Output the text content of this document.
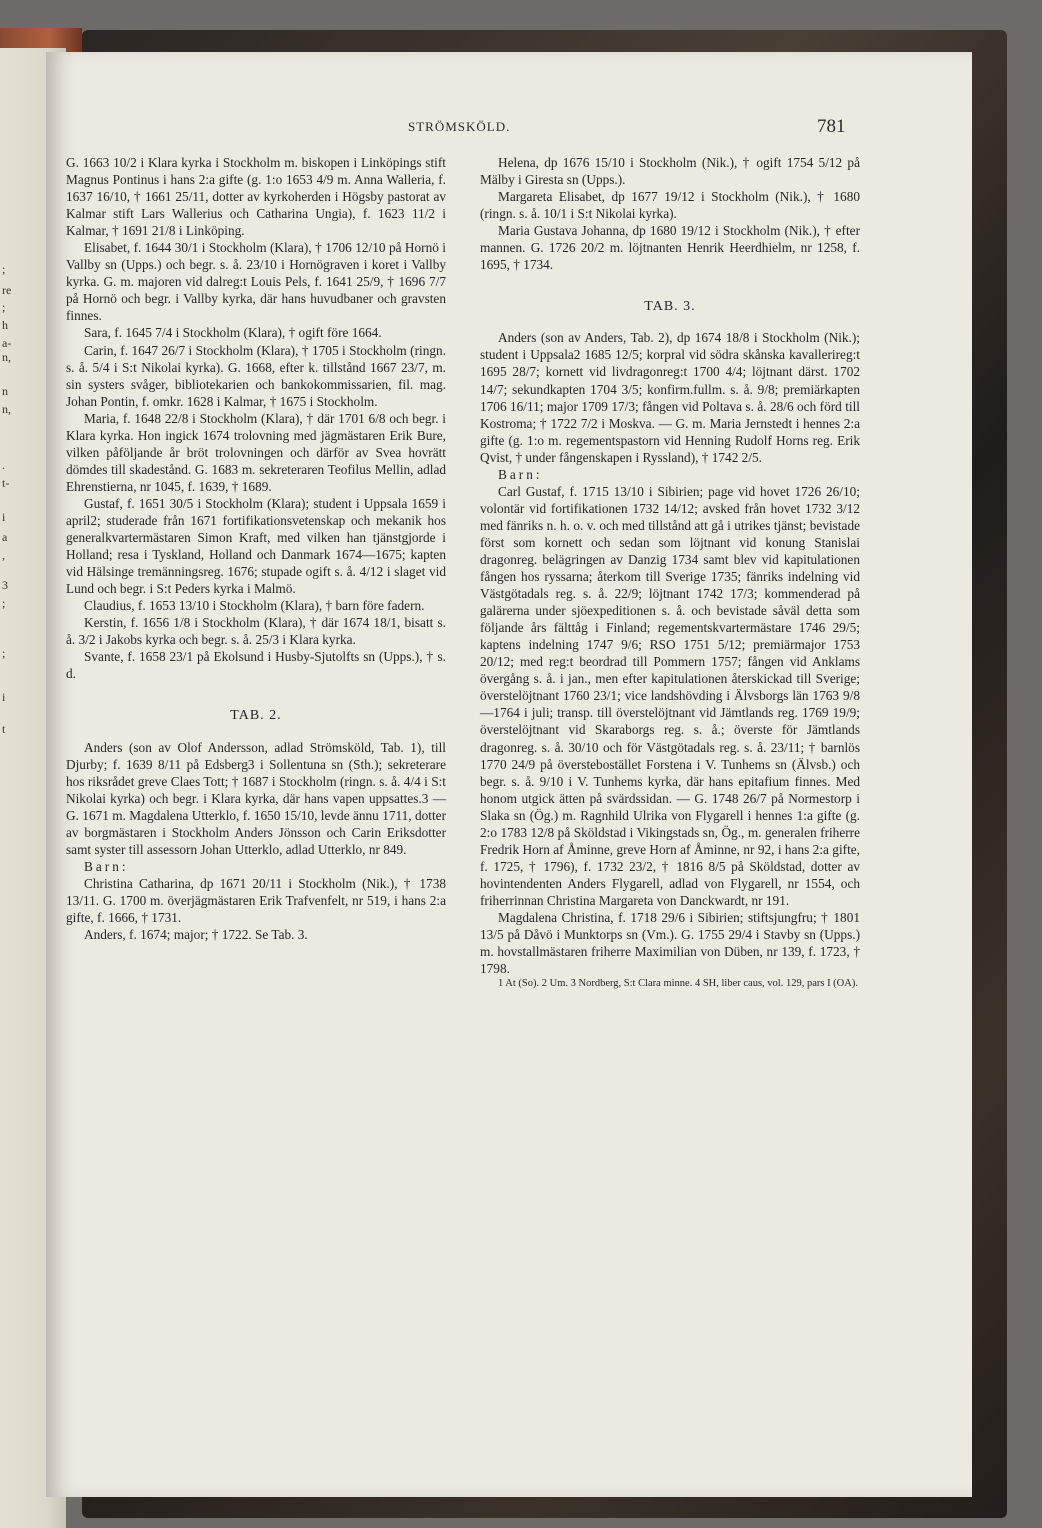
;
re
;
h
a-
n,
n
n,
.
t-
i
a
,
3
;
;
i
t
STRÖMSKÖLD.	781

G. 1663 10/2 i Klara kyrka i Stockholm m. biskopen i Linköpings stift Magnus Pontinus i hans 2:a gifte (g. 1:o 1653 4/9 m. Anna Walleria, f. 1637 16/10, † 1661 25/11, dotter av kyrkoherden i Högsby pastorat av Kalmar stift Lars Wallerius och Catharina Ungia), f. 1623 11/2 i Kalmar, † 1691 21/8 i Linköping.

Elisabet, f. 1644 30/1 i Stockholm (Klara), † 1706 12/10 på Hornö i Vallby sn (Upps.) och begr. s. å. 23/10 i Hornögraven i koret i Vallby kyrka. G. m. majoren vid dalreg:t Louis Pels, f. 1641 25/9, † 1696 7/7 på Hornö och begr. i Vallby kyrka, där hans huvudbaner och gravsten finnes.

Sara, f. 1645 7/4 i Stockholm (Klara), † ogift före 1664.

Carin, f. 1647 26/7 i Stockholm (Klara), † 1705 i Stockholm (ringn. s. å. 5/4 i S:t Nikolai kyrka). G. 1668, efter k. tillstånd 1667 23/7, m. sin systers svåger, bibliotekarien och bankokommissarien, fil. mag. Johan Pontin, f. omkr. 1628 i Kalmar, † 1675 i Stockholm.

Maria, f. 1648 22/8 i Stockholm (Klara), † där 1701 6/8 och begr. i Klara kyrka. Hon ingick 1674 trolovning med jägmästaren Erik Bure, vilken påföljande år bröt trolovningen och därför av Svea hovrätt dömdes till skadestånd. G. 1683 m. sekreteraren Teofilus Mellin, adlad Ehrenstierna, nr 1045, f. 1639, † 1689.

Gustaf, f. 1651 30/5 i Stockholm (Klara); student i Uppsala 1659 i april2; studerade från 1671 fortifikationsvetenskap och mekanik hos generalkvartermästaren Simon Kraft, med vilken han tjänstgjorde i Holland; resa i Tyskland, Holland och Danmark 1674—1675; kapten vid Hälsinge tremänningsreg. 1676; stupade ogift s. å. 4/12 i slaget vid Lund och begr. i S:t Peders kyrka i Malmö.

Claudius, f. 1653 13/10 i Stockholm (Klara), † barn före fadern.

Kerstin, f. 1656 1/8 i Stockholm (Klara), † där 1674 18/1, bisatt s. å. 3/2 i Jakobs kyrka och begr. s. å. 25/3 i Klara kyrka.

Svante, f. 1658 23/1 på Ekolsund i Husby-Sjutolfts sn (Upps.), † s. d.

TAB. 2.

Anders (son av Olof Andersson, adlad Strömsköld, Tab. 1), till Djurby; f. 1639 8/11 på Edsberg3 i Sollentuna sn (Sth.); sekreterare hos riksrådet greve Claes Tott; † 1687 i Stockholm (ringn. s. å. 4/4 i S:t Nikolai kyrka) och begr. i Klara kyrka, där hans vapen uppsattes.3 — G. 1671 m. Magdalena Utterklo, f. 1650 15/10, levde ännu 1711, dotter av borgmästaren i Stockholm Anders Jönsson och Carin Eriksdotter samt syster till assessorn Johan Utterklo, adlad Utterklo, nr 849.

Barn:

Christina Catharina, dp 1671 20/11 i Stockholm (Nik.), † 1738 13/11. G. 1700 m. överjägmästaren Erik Trafvenfelt, nr 519, i hans 2:a gifte, f. 1666, † 1731.

Anders, f. 1674; major; † 1722. Se Tab. 3.

Helena, dp 1676 15/10 i Stockholm (Nik.), † ogift 1754 5/12 på Mälby i Giresta sn (Upps.).

Margareta Elisabet, dp 1677 19/12 i Stockholm (Nik.), † 1680 (ringn. s. å. 10/1 i S:t Nikolai kyrka).

Maria Gustava Johanna, dp 1680 19/12 i Stockholm (Nik.), † efter mannen. G. 1726 20/2 m. löjtnanten Henrik Heerdhielm, nr 1258, f. 1695, † 1734.

TAB. 3.

Anders (son av Anders, Tab. 2), dp 1674 18/8 i Stockholm (Nik.); student i Uppsala2 1685 12/5; korpral vid södra skånska kavallerireg:t 1695 28/7; kornett vid livdragonreg:t 1700 4/4; löjtnant därst. 1702 14/7; sekundkapten 1704 3/5; konfirm.fullm. s. å. 9/8; premiärkapten 1706 16/11; major 1709 17/3; fången vid Poltava s. å. 28/6 och förd till Kostroma; † 1722 7/2 i Moskva. — G. m. Maria Jernstedt i hennes 2:a gifte (g. 1:o m. regementspastorn vid Henning Rudolf Horns reg. Erik Qvist, † under fångenskapen i Ryssland), † 1742 2/5.

Barn:

Carl Gustaf, f. 1715 13/10 i Sibirien; page vid hovet 1726 26/10; volontär vid fortifikationen 1732 14/12; avsked från hovet 1732 3/12 med fänriks n. h. o. v. och med tillstånd att gå i utrikes tjänst; bevistade först som kornett och sedan som löjtnant vid konung Stanislai dragonreg. belägringen av Danzig 1734 samt blev vid kapitulationen fången hos ryssarna; återkom till Sverige 1735; fänriks indelning vid Västgötadals reg. s. å. 22/9; löjtnant 1742 17/3; kommenderad på galärerna under sjöexpeditionen s. å. och bevistade såväl detta som följande års fälttåg i Finland; regementskvartermästare 1746 29/5; kaptens indelning 1747 9/6; RSO 1751 5/12; premiärmajor 1753 20/12; med reg:t beordrad till Pommern 1757; fången vid Anklams övergång s. å. i jan., men efter kapitulationen återskickad till Sverige; överstelöjtnant 1760 23/1; vice landshövding i Älvsborgs län 1763 9/8—1764 i juli; transp. till överstelöjtnant vid Jämtlands reg. 1769 19/9; överstelöjtnant vid Skaraborgs reg. s. å.; överste för Jämtlands dragonreg. s. å. 30/10 och för Västgötadals reg. s. å. 23/11; † barnlös 1770 24/9 på överstebostället Forstena i V. Tunhems sn (Älvsb.) och begr. s. å. 9/10 i V. Tunhems kyrka, där hans epitafium finnes. Med honom utgick ätten på svärdssidan. — G. 1748 26/7 på Normestorp i Slaka sn (Ög.) m. Ragnhild Ulrika von Flygarell i hennes 1:a gifte (g. 2:o 1783 12/8 på Sköldstad i Vikingstads sn, Ög., m. generalen friherre Fredrik Horn af Åminne, greve Horn af Åminne, nr 92, i hans 2:a gifte, f. 1725, † 1796), f. 1732 23/2, † 1816 8/5 på Sköldstad, dotter av hovintendenten Anders Flygarell, adlad von Flygarell, nr 1554, och friherrinnan Christina Margareta von Danckwardt, nr 191.

Magdalena Christina, f. 1718 29/6 i Sibirien; stiftsjungfru; † 1801 13/5 på Dåvö i Munktorps sn (Vm.). G. 1755 29/4 i Stavby sn (Upps.) m. hovstallmästaren friherre Maximilian von Düben, nr 139, f. 1723, † 1798.

1 At (So). 2 Um. 3 Nordberg, S:t Clara minne. 4 SH, liber caus, vol. 129, pars I (OA).
